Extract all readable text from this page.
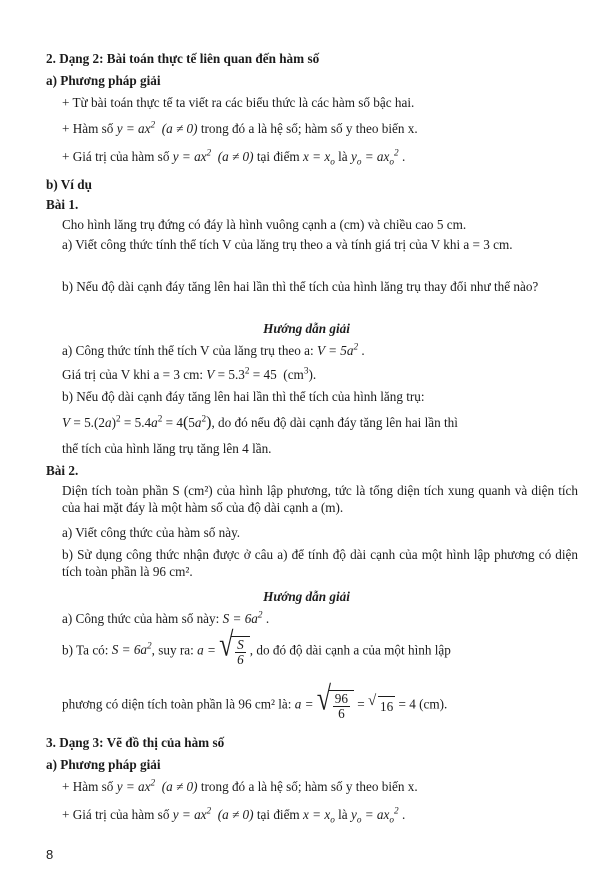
2. Dạng 2: Bài toán thực tế liên quan đến hàm số
a) Phương pháp giải
+ Từ bài toán thực tế ta viết ra các biểu thức là các hàm số bậc hai.
+ Hàm số $y = ax^2$  (a ≠ 0) trong đó a là hệ số; hàm số y theo biến x.
+ Giá trị của hàm số $y = ax^2$  (a ≠ 0) tại điểm $x = x_o$ là $y_o = ax_o^2$ .
b) Ví dụ
Bài 1.
Cho hình lăng trụ đứng có đáy là hình vuông cạnh a (cm) và chiều cao 5 cm.
a) Viết công thức tính thể tích V của lăng trụ theo a và tính giá trị của V khi a = 3 cm.
b) Nếu độ dài cạnh đáy tăng lên hai lần thì thể tích của hình lăng trụ thay đổi như thế nào?
Hướng dẫn giải
a) Công thức tính thể tích V của lăng trụ theo a: $V = 5a^2$ .
Giá trị của V khi a = 3 cm: $V = 5.3^2 = 45$  $(cm^3)$.
b) Nếu độ dài cạnh đáy tăng lên hai lần thì thể tích của hình lăng trụ:
$V = 5.(2a)^2 = 5.4a^2 = 4(5a^2)$, do đó nếu độ dài cạnh đáy tăng lên hai lần thì
thể tích của hình lăng trụ tăng lên 4 lần.
Bài 2.
Diện tích toàn phần S (cm²) của hình lập phương, tức là tổng diện tích xung quanh và diện tích của hai mặt đáy là một hàm số của độ dài cạnh a (m).
a) Viết công thức của hàm số này.
b) Sử dụng công thức nhận được ở câu a) để tính độ dài cạnh của một hình lập phương có diện tích toàn phần là 96 cm².
Hướng dẫn giải
a) Công thức của hàm số này: $S = 6a^2$ .
b) Ta có: $S = 6a^2$, suy ra: a = √ $\frac{S}{6}$ , do đó độ dài cạnh a của một hình lập
phương có diện tích toàn phần là 96 cm² là: a = √ $\frac{96}{6}$ = √ 16 = 4 (cm).
3. Dạng 3: Vẽ đồ thị của hàm số
a) Phương pháp giải
+ Hàm số $y = ax^2$  (a ≠ 0) trong đó a là hệ số; hàm số y theo biến x.
+ Giá trị của hàm số $y = ax^2$  (a ≠ 0) tại điểm $x = x_o$ là $y_o = ax_o^2$ .
8
